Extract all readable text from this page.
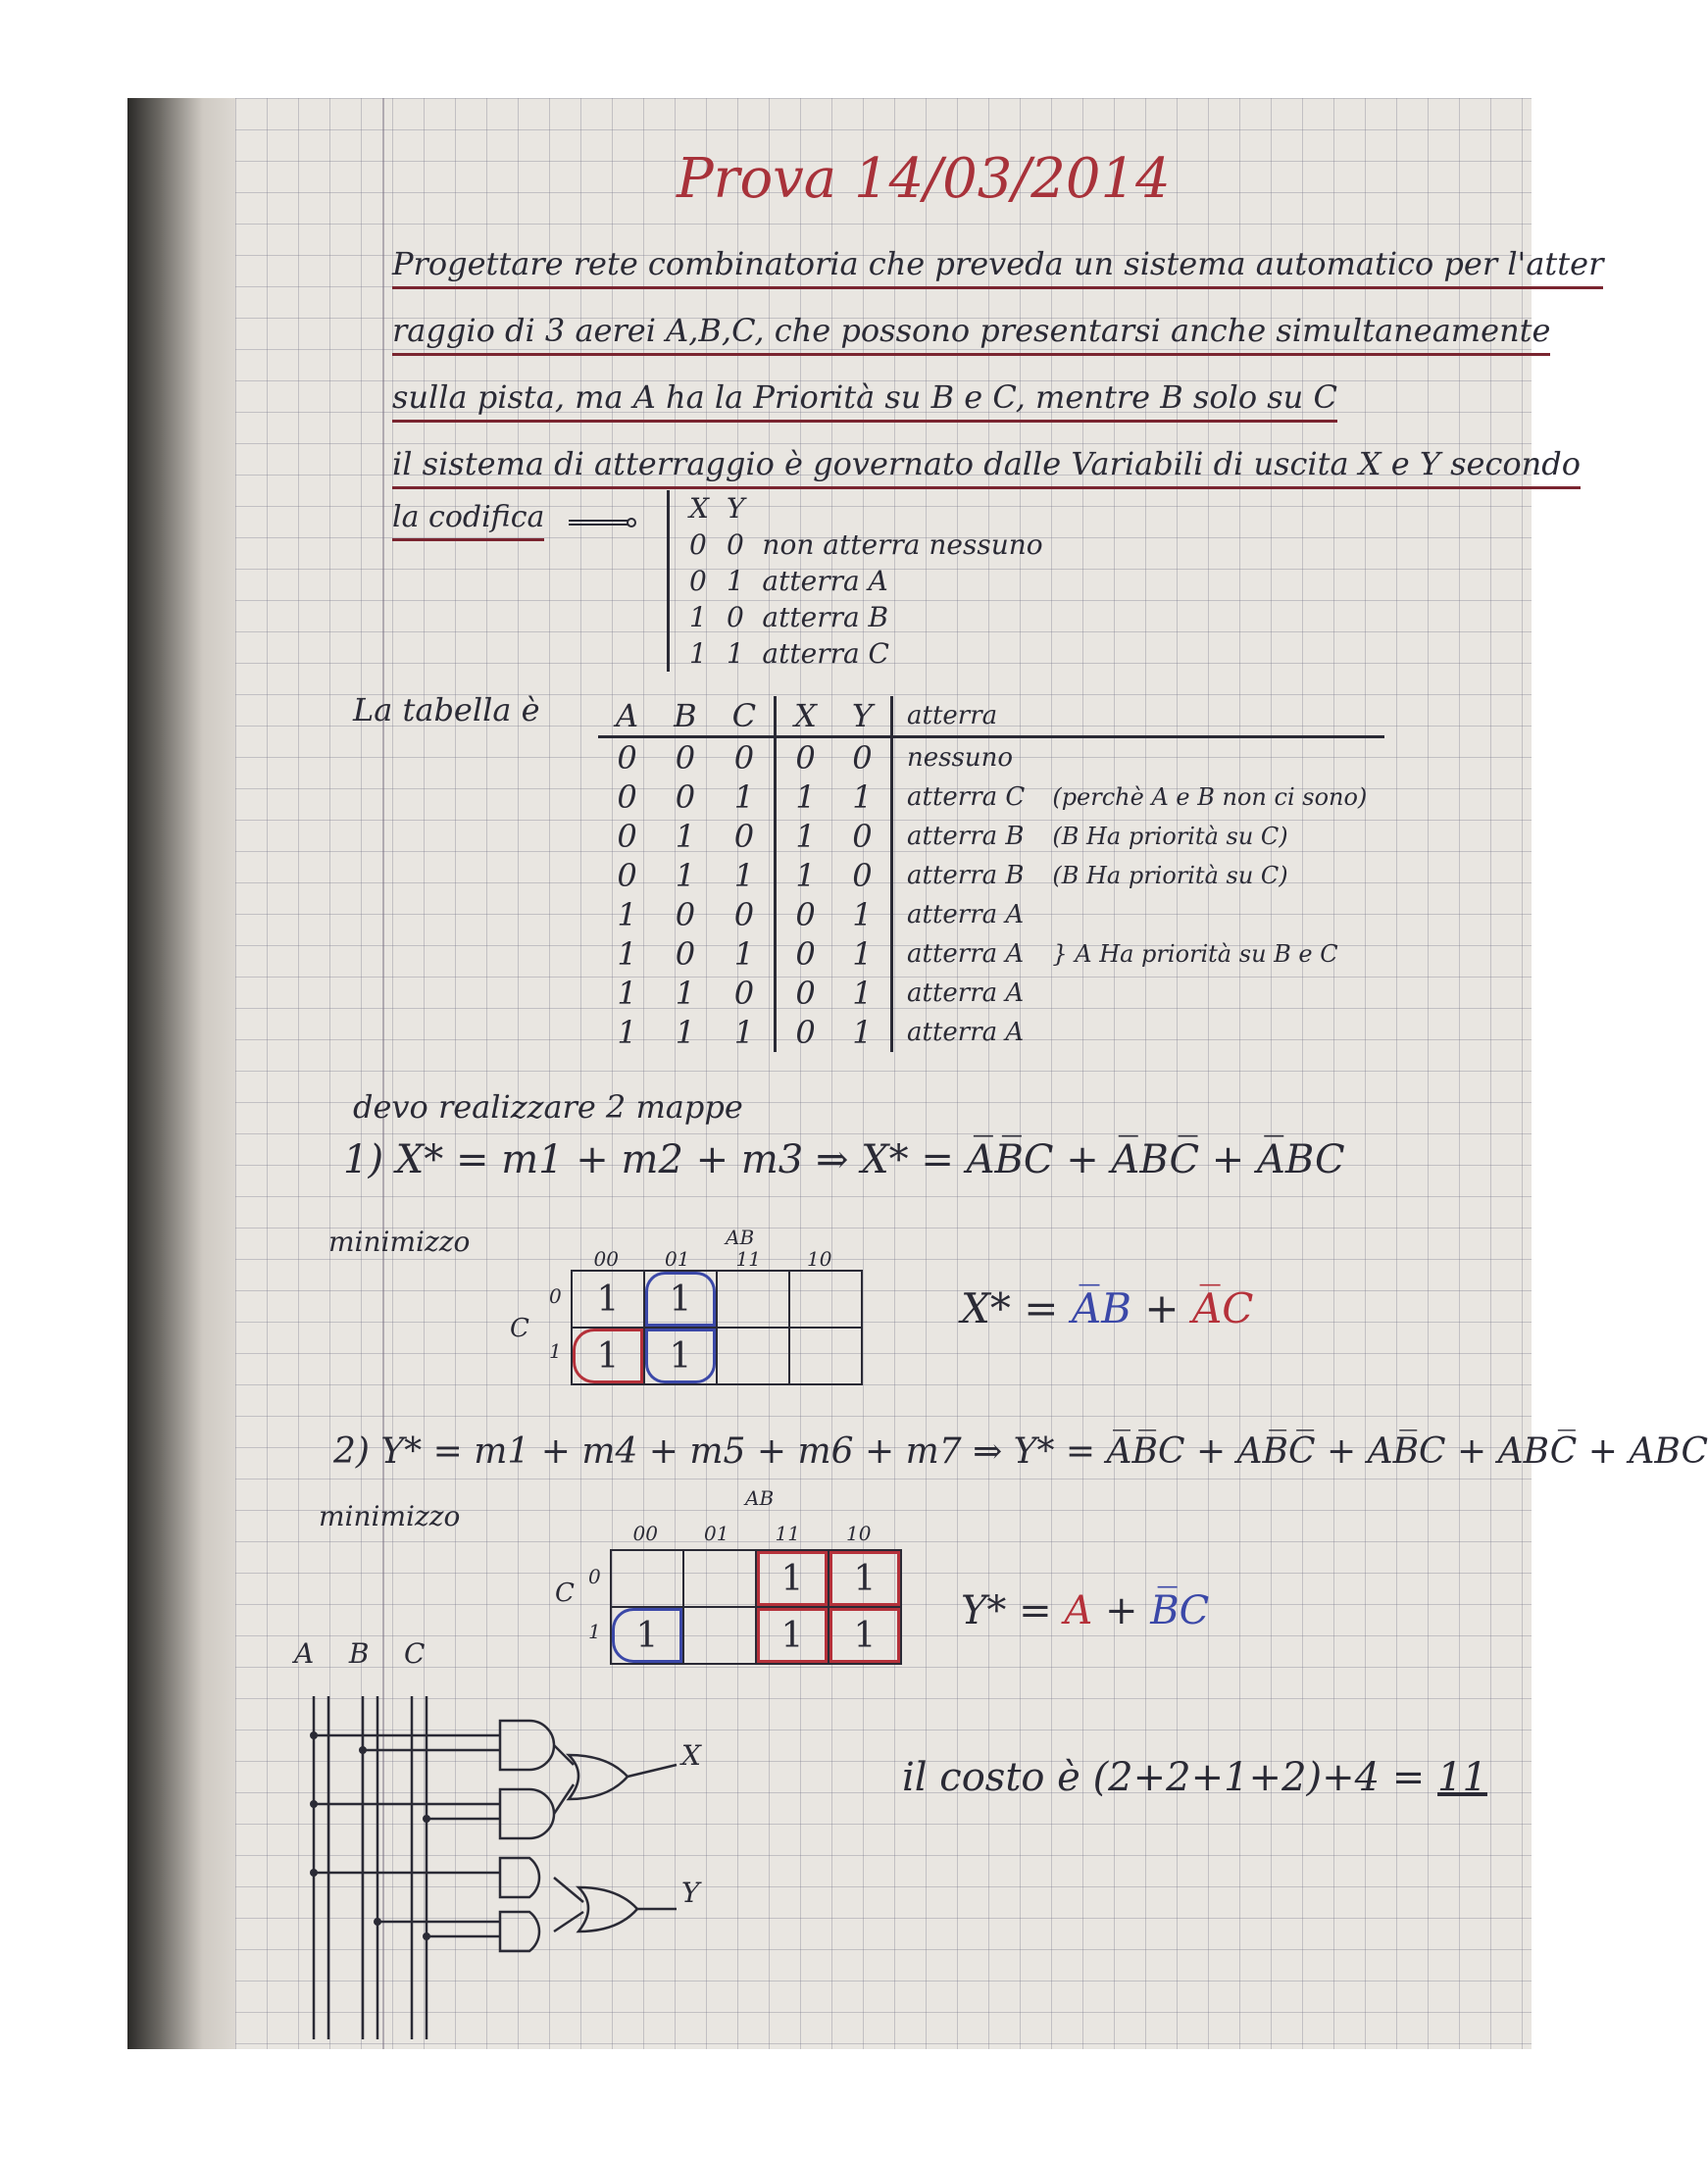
Prova 14/03/2014
Progettare rete combinatoria che preveda un sistema automatico per l'atter
raggio di 3 aerei A,B,C, che possono presentarsi anche simultaneamente
sulla pista, ma A ha la Priorità su B e C, mentre B solo su C
il sistema di atterraggio è governato dalle Variabili di uscita X e Y secondo
la codifica	X	Y	
0	0	non atterra nessuno
0	1	atterra A
1	0	atterra B
1	1	atterra C
La tabella è A	B	C	X	Y	atterra	
0	0	0	0	0	nessuno	
0	0	1	1	1	atterra C	(perchè A e B non ci sono)
0	1	0	1	0	atterra B	(B Ha priorità su C)
0	1	1	1	0	atterra B	(B Ha priorità su C)
1	0	0	0	1	atterra A	
1	0	1	0	1	atterra A	} A Ha priorità su B e C
1	1	0	0	1	atterra A	
1	1	1	0	1	atterra A	
devo realizzare 2 mappe
1) X* = m1 + m2 + m3 ⇒ X* = A̅B̅C + A̅BC̅ + A̅BC
minimizzo	AB
00 01 11 10
C
0
1
1	1		
1	1		
X* = A̅B + A̅C
2) Y* = m1 + m4 + m5 + m6 + m7 ⇒ Y* = A̅B̅C + AB̅C̅ + AB̅C + ABC̅ + ABC
minimizzo
AB
00 01 11 10
C
0
1
		1	1
1		1	1
Y* = A + B̅C
A B C
X
Y
il costo è (2+2+1+2)+4 = 11
